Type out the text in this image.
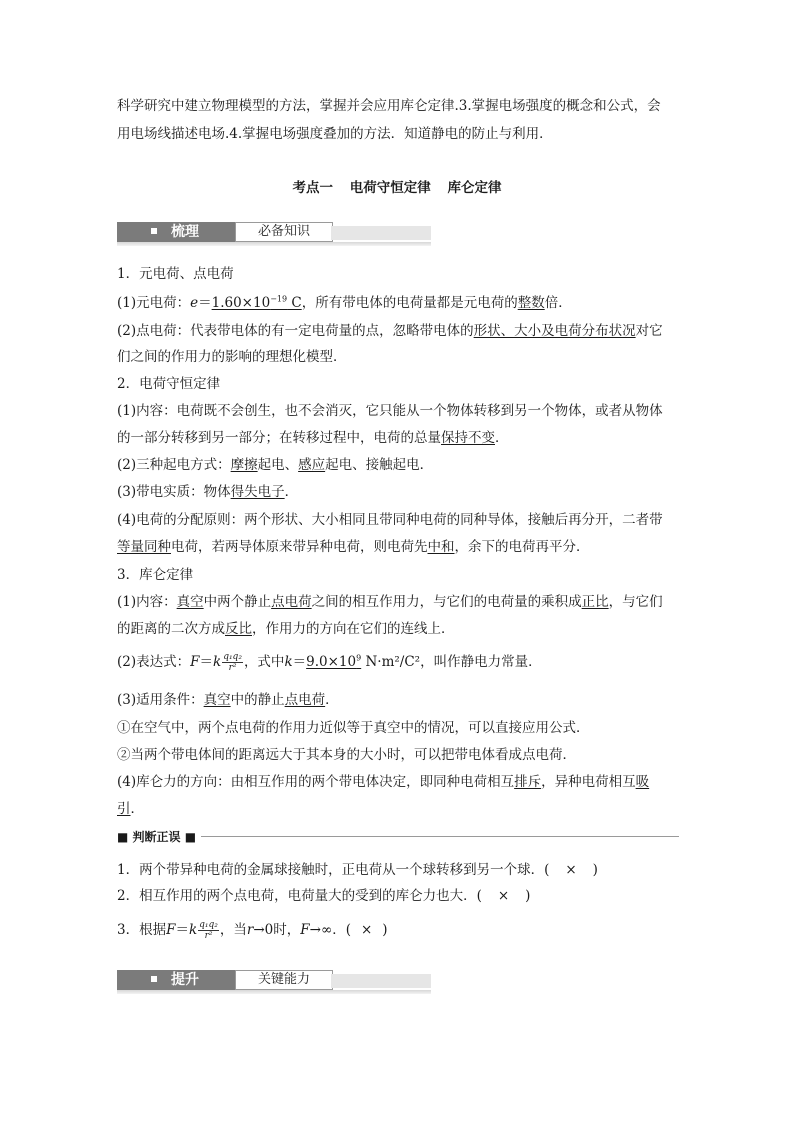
科学研究中建立物理模型的方法，掌握并会应用库仑定律.3.掌握电场强度的概念和公式，会
用电场线描述电场.4.掌握电场强度叠加的方法．知道静电的防止与利用．
考点一 电荷守恒定律 库仑定律
梳理	必备知识
1．元电荷、点电荷
(1)元电荷：$e=1.60\times 10^{-19}$ C，所有带电体的电荷量都是元电荷的整数倍．
(2)点电荷：代表带电体的有一定电荷量的点，忽略带电体的形状、大小及电荷分布状况对它
们之间的作用力的影响的理想化模型．
2．电荷守恒定律
(1)内容：电荷既不会创生，也不会消灭，它只能从一个物体转移到另一个物体，或者从物体
的一部分转移到另一部分；在转移过程中，电荷的总量保持不变．
(2)三种起电方式：摩擦起电、感应起电、接触起电．
(3)带电实质：物体得失电子．
(4)电荷的分配原则：两个形状、大小相同且带同种电荷的同种导体，接触后再分开，二者带
等量同种电荷，若两导体原来带异种电荷，则电荷先中和，余下的电荷再平分．
3．库仑定律
(1)内容：真空中两个静止点电荷之间的相互作用力，与它们的电荷量的乘积成正比，与它们
的距离的二次方成反比，作用力的方向在它们的连线上．
(2)表达式：$F=k \frac{\text{q₁q₂}}{\text{r²}}$ ，式中$k=9.0\times 10^9$ N·m²/C²，叫作静电力常量．
(3)适用条件：真空中的静止点电荷．
①在空气中，两个点电荷的作用力近似等于真空中的情况，可以直接应用公式．
②当两个带电体间的距离远大于其本身的大小时，可以把带电体看成点电荷．
(4)库仑力的方向：由相互作用的两个带电体决定，即同种电荷相互排斥，异种电荷相互吸
引．
■ 判断正误 ■
1．两个带异种电荷的金属球接触时，正电荷从一个球转移到另一个球．( × )
2．相互作用的两个点电荷，电荷量大的受到的库仑力也大．( × )
3．根据$F=k \frac{\text{q₁q₂}}{\text{r²}}$ ，当r→0时，F→∞．( × )
提升	关键能力
